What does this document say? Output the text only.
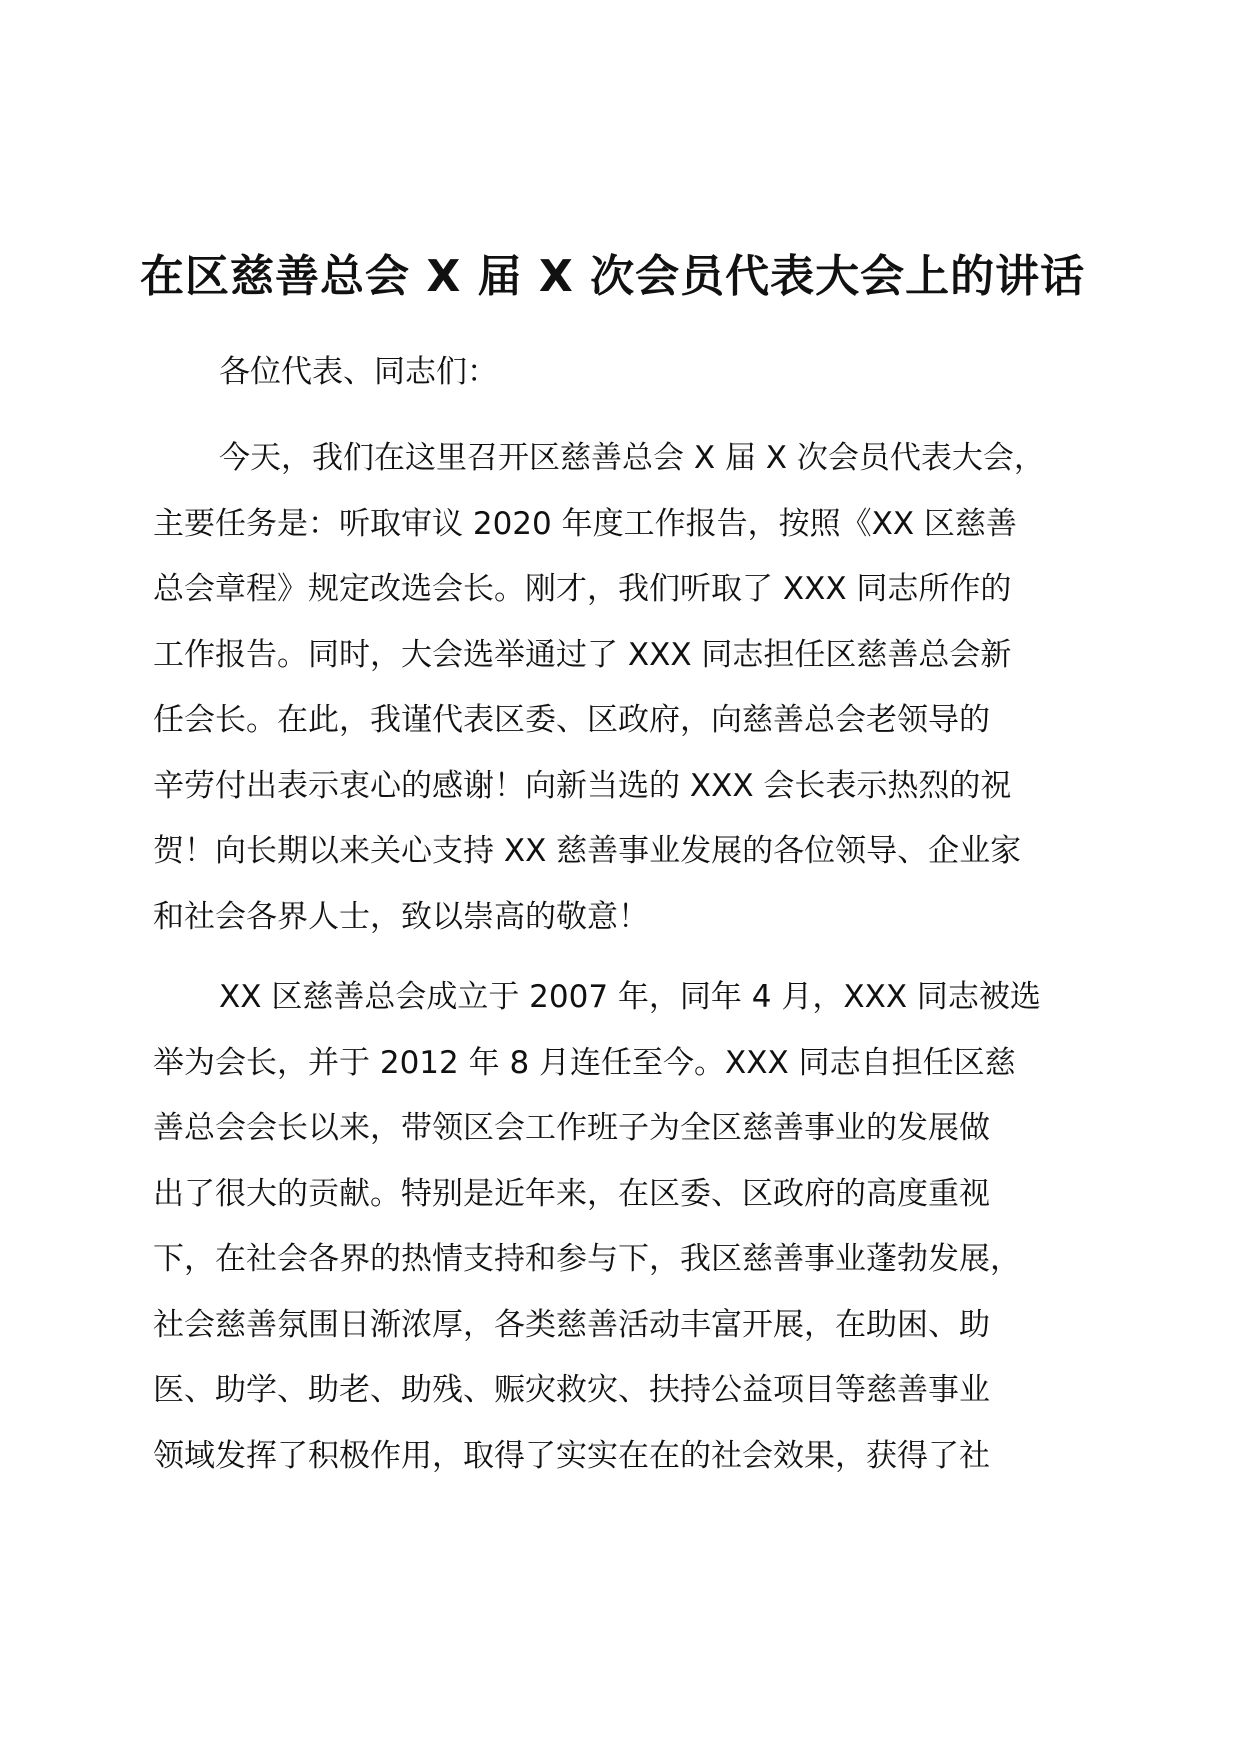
在区慈善总会 X 届 X 次会员代表大会上的讲话
各位代表、同志们：
今天，我们在这里召开区慈善总会 X 届 X 次会员代表大会，
主要任务是：听取审议 2020 年度工作报告，按照《XX 区慈善
总会章程》规定改选会长。刚才，我们听取了 XXX 同志所作的
工作报告。同时，大会选举通过了 XXX 同志担任区慈善总会新
任会长。在此，我谨代表区委、区政府，向慈善总会老领导的
辛劳付出表示衷心的感谢！向新当选的 XXX 会长表示热烈的祝
贺！向长期以来关心支持 XX 慈善事业发展的各位领导、企业家
和社会各界人士，致以崇高的敬意！
XX 区慈善总会成立于 2007 年，同年 4 月，XXX 同志被选
举为会长，并于 2012 年 8 月连任至今。XXX 同志自担任区慈
善总会会长以来，带领区会工作班子为全区慈善事业的发展做
出了很大的贡献。特别是近年来，在区委、区政府的高度重视
下，在社会各界的热情支持和参与下，我区慈善事业蓬勃发展，
社会慈善氛围日渐浓厚，各类慈善活动丰富开展，在助困、助
医、助学、助老、助残、赈灾救灾、扶持公益项目等慈善事业
领域发挥了积极作用，取得了实实在在的社会效果，获得了社
